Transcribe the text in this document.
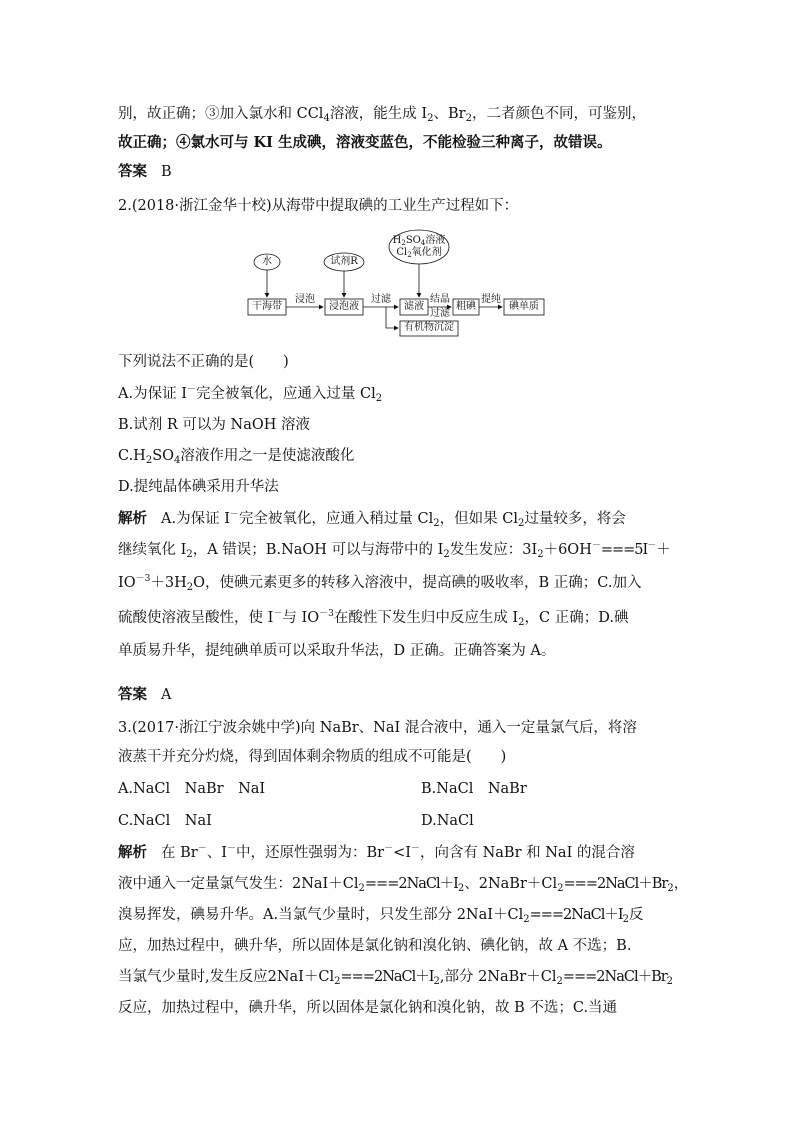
别，故正确；③加入氯水和 CCl$_4$溶液，能生成 $I_2$、$Br_2$，二者颜色不同，可鉴别，
故正确；④氯水可与 KI 生成碘，溶液变蓝色，不能检验三种离子，故错误。
答案 B
2.(2018·浙江金华十校)从海带中提取碘的工业生产过程如下：
下列说法不正确的是(　　)
A.为保证 I－完全被氧化，应通入过量 $Cl_2$
B.试剂 R 可以为 NaOH 溶液
$C.H_2SO_4$溶液作用之一是使滤液酸化
D.提纯晶体碘采用升华法
解析 A.为保证 I－完全被氧化，应通入稍过量 $Cl_2$，但如果 $Cl_2$过量较多，将会
继续氧化 $I_2$，A 错误；B.NaOH 可以与海带中的 $I_2$发生发应：$3I_2+6OH^-===5I^-+$
$IO^{-3}+3H_2O$，使碘元素更多的转移入溶液中，提高碘的吸收率，B 正确；C.加入
硫酸使溶液呈酸性，使 I－与 $IO^{-3}$在酸性下发生归中反应生成 $I_2$，C 正确；D.碘
单质易升华，提纯碘单质可以采取升华法，D 正确。正确答案为 A。
答案 A
3.(2017·浙江宁波余姚中学)向 NaBr、NaI 混合液中，通入一定量氯气后，将溶
液蒸干并充分灼烧，得到固体剩余物质的组成不可能是(　　)
A.NaCl　NaBr　NaI	B.NaCl　NaBr
C.NaCl　NaI	D.NaCl
解析 在 Br－、I－中，还原性强弱为：Br－<I－，向含有 NaBr 和 NaI 的混合溶
液中通入一定量氯气发生：$2NaI+Cl_2===2NaCl+I_2$、$2NaBr+Cl_2===2NaCl+Br_2$，
溴易挥发，碘易升华。A.当氯气少量时，只发生部分 $2NaI+Cl_2===2NaCl+I_2$反
应，加热过程中，碘升华，所以固体是氯化钠和溴化钠、碘化钠，故 A 不选；B.
当氯气少量时,发生反应$2NaI+Cl_2===2NaCl+I_2$,部分 $2NaBr+Cl_2===2NaCl+Br_2$
反应，加热过程中，碘升华，所以固体是氯化钠和溴化钠，故 B 不选；C.当通
水	试剂R
$H_2SO_4$溶液
$Cl_2$氧化剂
干海带
浸泡
浸泡液
过滤
滤液
结晶
过滤
粗碘
提纯
碘单质
有机物沉淀
